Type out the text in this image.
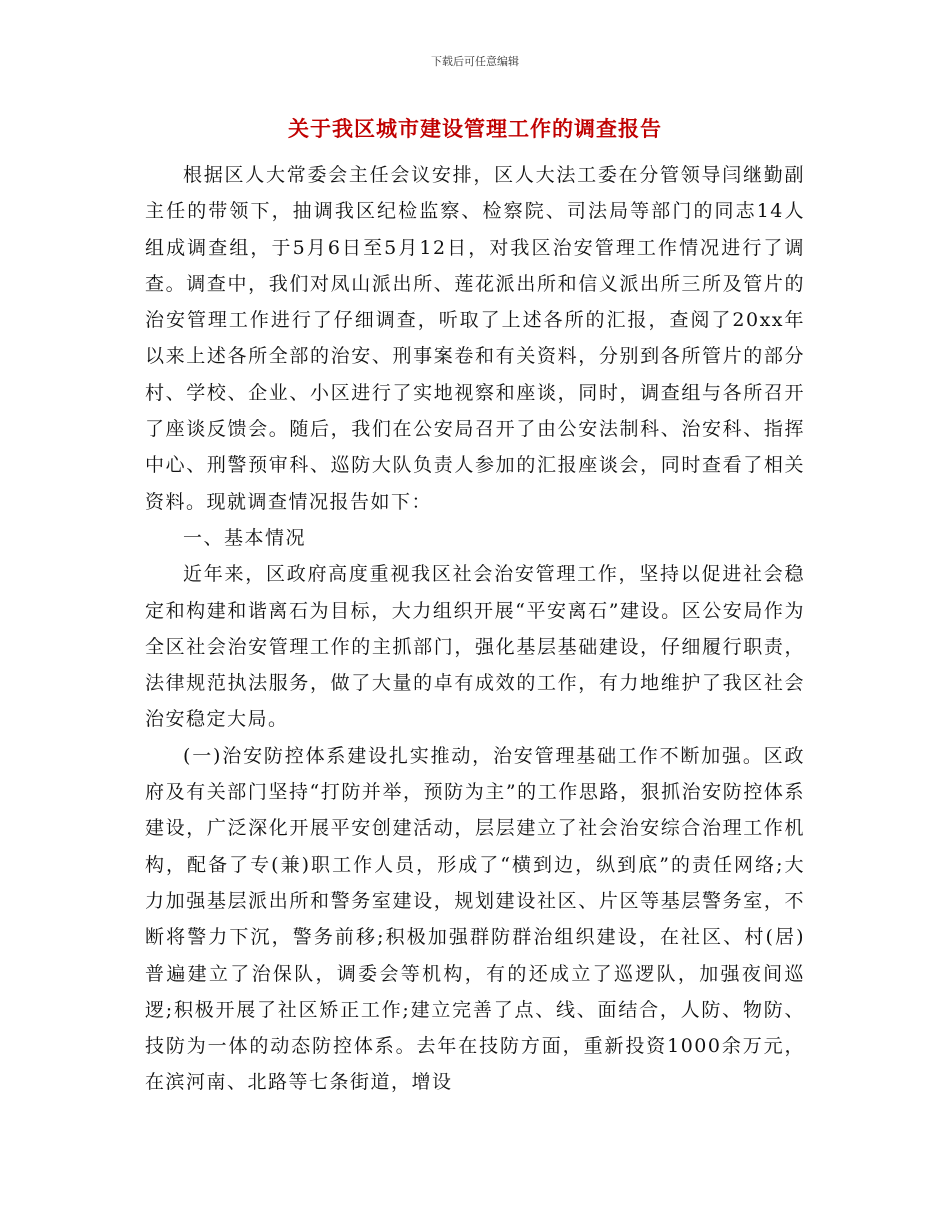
下载后可任意编辑
关于我区城市建设管理工作的调查报告

根据区人大常委会主任会议安排，区人大法工委在分管领导闫继勤副主任的带领下，抽调我区纪检监察、检察院、司法局等部门的同志14人组成调查组，于5月6日至5月12日，对我区治安管理工作情况进行了调查。调查中，我们对凤山派出所、莲花派出所和信义派出所三所及管片的治安管理工作进行了仔细调查，听取了上述各所的汇报，查阅了20xx年以来上述各所全部的治安、刑事案卷和有关资料，分别到各所管片的部分村、学校、企业、小区进行了实地视察和座谈，同时，调查组与各所召开了座谈反馈会。随后，我们在公安局召开了由公安法制科、治安科、指挥中心、刑警预审科、巡防大队负责人参加的汇报座谈会，同时查看了相关资料。现就调查情况报告如下：

一、基本情况

近年来，区政府高度重视我区社会治安管理工作，坚持以促进社会稳定和构建和谐离石为目标，大力组织开展“平安离石”建设。区公安局作为全区社会治安管理工作的主抓部门，强化基层基础建设，仔细履行职责，法律规范执法服务，做了大量的卓有成效的工作，有力地维护了我区社会治安稳定大局。

(一)治安防控体系建设扎实推动，治安管理基础工作不断加强。区政府及有关部门坚持“打防并举，预防为主”的工作思路，狠抓治安防控体系建设，广泛深化开展平安创建活动，层层建立了社会治安综合治理工作机构，配备了专(兼)职工作人员，形成了“横到边，纵到底”的责任网络;大力加强基层派出所和警务室建设，规划建设社区、片区等基层警务室，不断将警力下沉，警务前移;积极加强群防群治组织建设，在社区、村(居)普遍建立了治保队，调委会等机构，有的还成立了巡逻队，加强夜间巡逻;积极开展了社区矫正工作;建立完善了点、线、面结合，人防、物防、技防为一体的动态防控体系。去年在技防方面，重新投资1000余万元，在滨河南、北路等七条街道，增设
